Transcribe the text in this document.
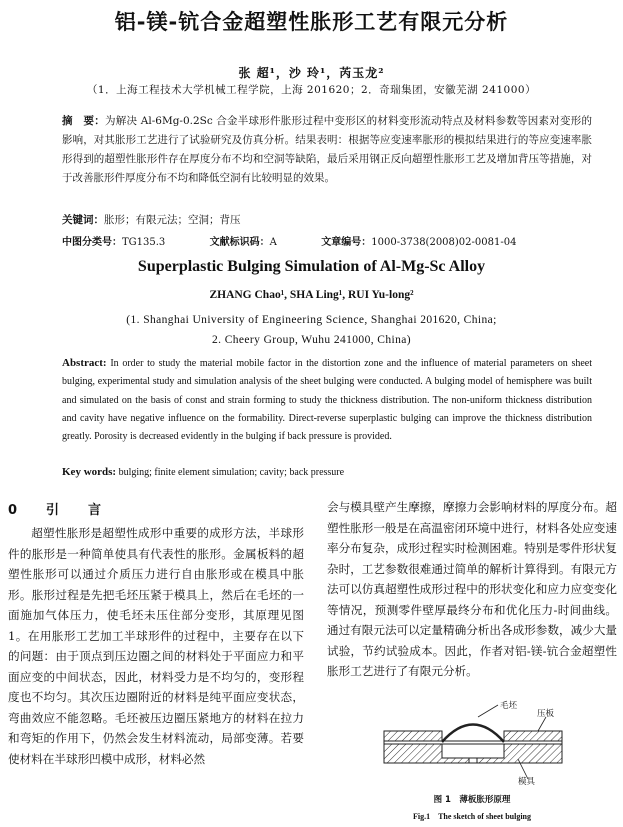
铝-镁-钪合金超塑性胀形工艺有限元分析
张 超¹，沙 玲¹，芮玉龙²
（1．上海工程技术大学机械工程学院，上海 201620；2．奇瑞集团，安徽芜湖 241000）
摘　要：为解决 Al-6Mg-0.2Sc 合金半球形件胀形过程中变形区的材料变形流动特点及材料参数等因素对变形的影响，对其胀形工艺进行了试验研究及仿真分析。结果表明：根据等应变速率胀形的模拟结果进行的等应变速率胀形得到的超塑性胀形件存在厚度分布不均和空洞等缺陷，最后采用钢正反向超塑性胀形工艺及增加背压等措施，对于改善胀形件厚度分布不均和降低空洞有比较明显的效果。
关键词：胀形；有限元法；空洞；背压
中图分类号：TG135.3	文献标识码：A	文章编号：1000-3738(2008)02-0081-04
Superplastic Bulging Simulation of Al-Mg-Sc Alloy
ZHANG Chao¹, SHA Ling¹, RUI Yu-long²
(1. Shanghai University of Engineering Science, Shanghai 201620, China;
2. Cheery Group, Wuhu 241000, China)
Abstract: In order to study the material mobile factor in the distortion zone and the influence of material parameters on sheet bulging, experimental study and simulation analysis of the sheet bulging were conducted. A bulging model of hemisphere was built and simulated on the basis of const and strain forming to study the thickness distribution. The non-uniform thickness distribution and cavity have negative influence on the formability. Direct-reverse superplastic bulging can improve the thickness distribution greatly. Porosity is decreased evidently in the bulging if back pressure is provided.
Key words: bulging; finite element simulation; cavity; back pressure
0　引　言
超塑性胀形是超塑性成形中重要的成形方法，半球形件的胀形是一种简单使具有代表性的胀形。金属板料的超塑性胀形可以通过介质压力进行自由胀形或在模具中胀形。胀形过程是先把毛坯压紧于模具上，然后在毛坯的一面施加气体压力，使毛坯未压住部分变形，其原理见图 1。在用胀形工艺加工半球形件的过程中，主要存在以下的问题：由于顶点到压边圈之间的材料处于平面应力和平面应变的中间状态，因此，材料受力是不均匀的，变形程度也不均匀。其次压边圈附近的材料是纯平面应变状态，弯曲效应不能忽略。毛坯被压边圈压紧地方的材料在拉力和弯矩的作用下，仍然会发生材料流动，局部变薄。若要使材料在半球形凹模中成形，材料必然
会与模具壁产生摩擦，摩擦力会影响材料的厚度分布。超塑性胀形一般是在高温密闭环境中进行，材料各处应变速率分布复杂，成形过程实时检测困难。特别是零件形状复杂时，工艺参数很难通过简单的解析计算得到。有限元方法可以仿真超塑性成形过程中的形状变化和应力应变变化等情况，预测零件壁厚最终分布和优化压力-时间曲线。通过有限元法可以定量精确分析出各成形参数，减少大量试验，节约试验成本。因此，作者对铝-镁-钪合金超塑性胀形工艺进行了有限元分析。
毛坯
压板
模具
图 1　薄板胀形原理
Fig.1　The sketch of sheet bulging
